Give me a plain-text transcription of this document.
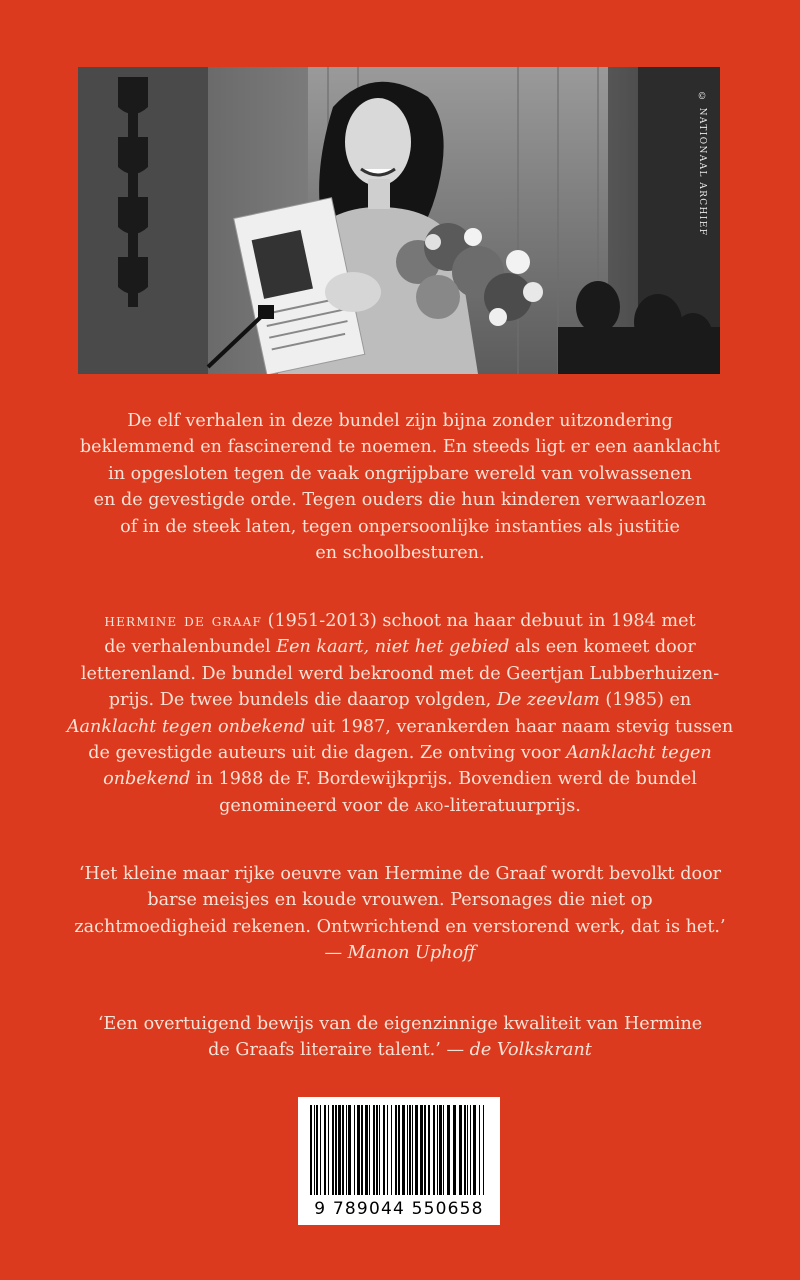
© NATIONAAL ARCHIEF

De elf verhalen in deze bundel zijn bijna zonder uitzondering
beklemmend en fascinerend te noemen. En steeds ligt er een aanklacht
in opgesloten tegen de vaak ongrijpbare wereld van volwassenen
en de gevestigde orde. Tegen ouders die hun kinderen verwaarlozen
of in de steek laten, tegen onpersoonlijke instanties als justitie
en schoolbesturen.

hermine de graaf (1951-2013) schoot na haar debuut in 1984 met
de verhalenbundel Een kaart, niet het gebied als een komeet door
letterenland. De bundel werd bekroond met de Geertjan Lubberhuizen-
prijs. De twee bundels die daarop volgden, De zeevlam (1985) en
Aanklacht tegen onbekend uit 1987, verankerden haar naam stevig tussen
de gevestigde auteurs uit die dagen. Ze ontving voor Aanklacht tegen
onbekend in 1988 de F. Bordewijkprijs. Bovendien werd de bundel
genomineerd voor de ako-literatuurprijs.

‘Het kleine maar rijke oeuvre van Hermine de Graaf wordt bevolkt door
barse meisjes en koude vrouwen. Personages die niet op
zachtmoedigheid rekenen. Ontwrichtend en verstorend werk, dat is het.’
— Manon Uphoff

‘Een overtuigend bewijs van de eigenzinnige kwaliteit van Hermine
de Graafs literaire talent.’ — de Volkskrant

9 789044 550658
